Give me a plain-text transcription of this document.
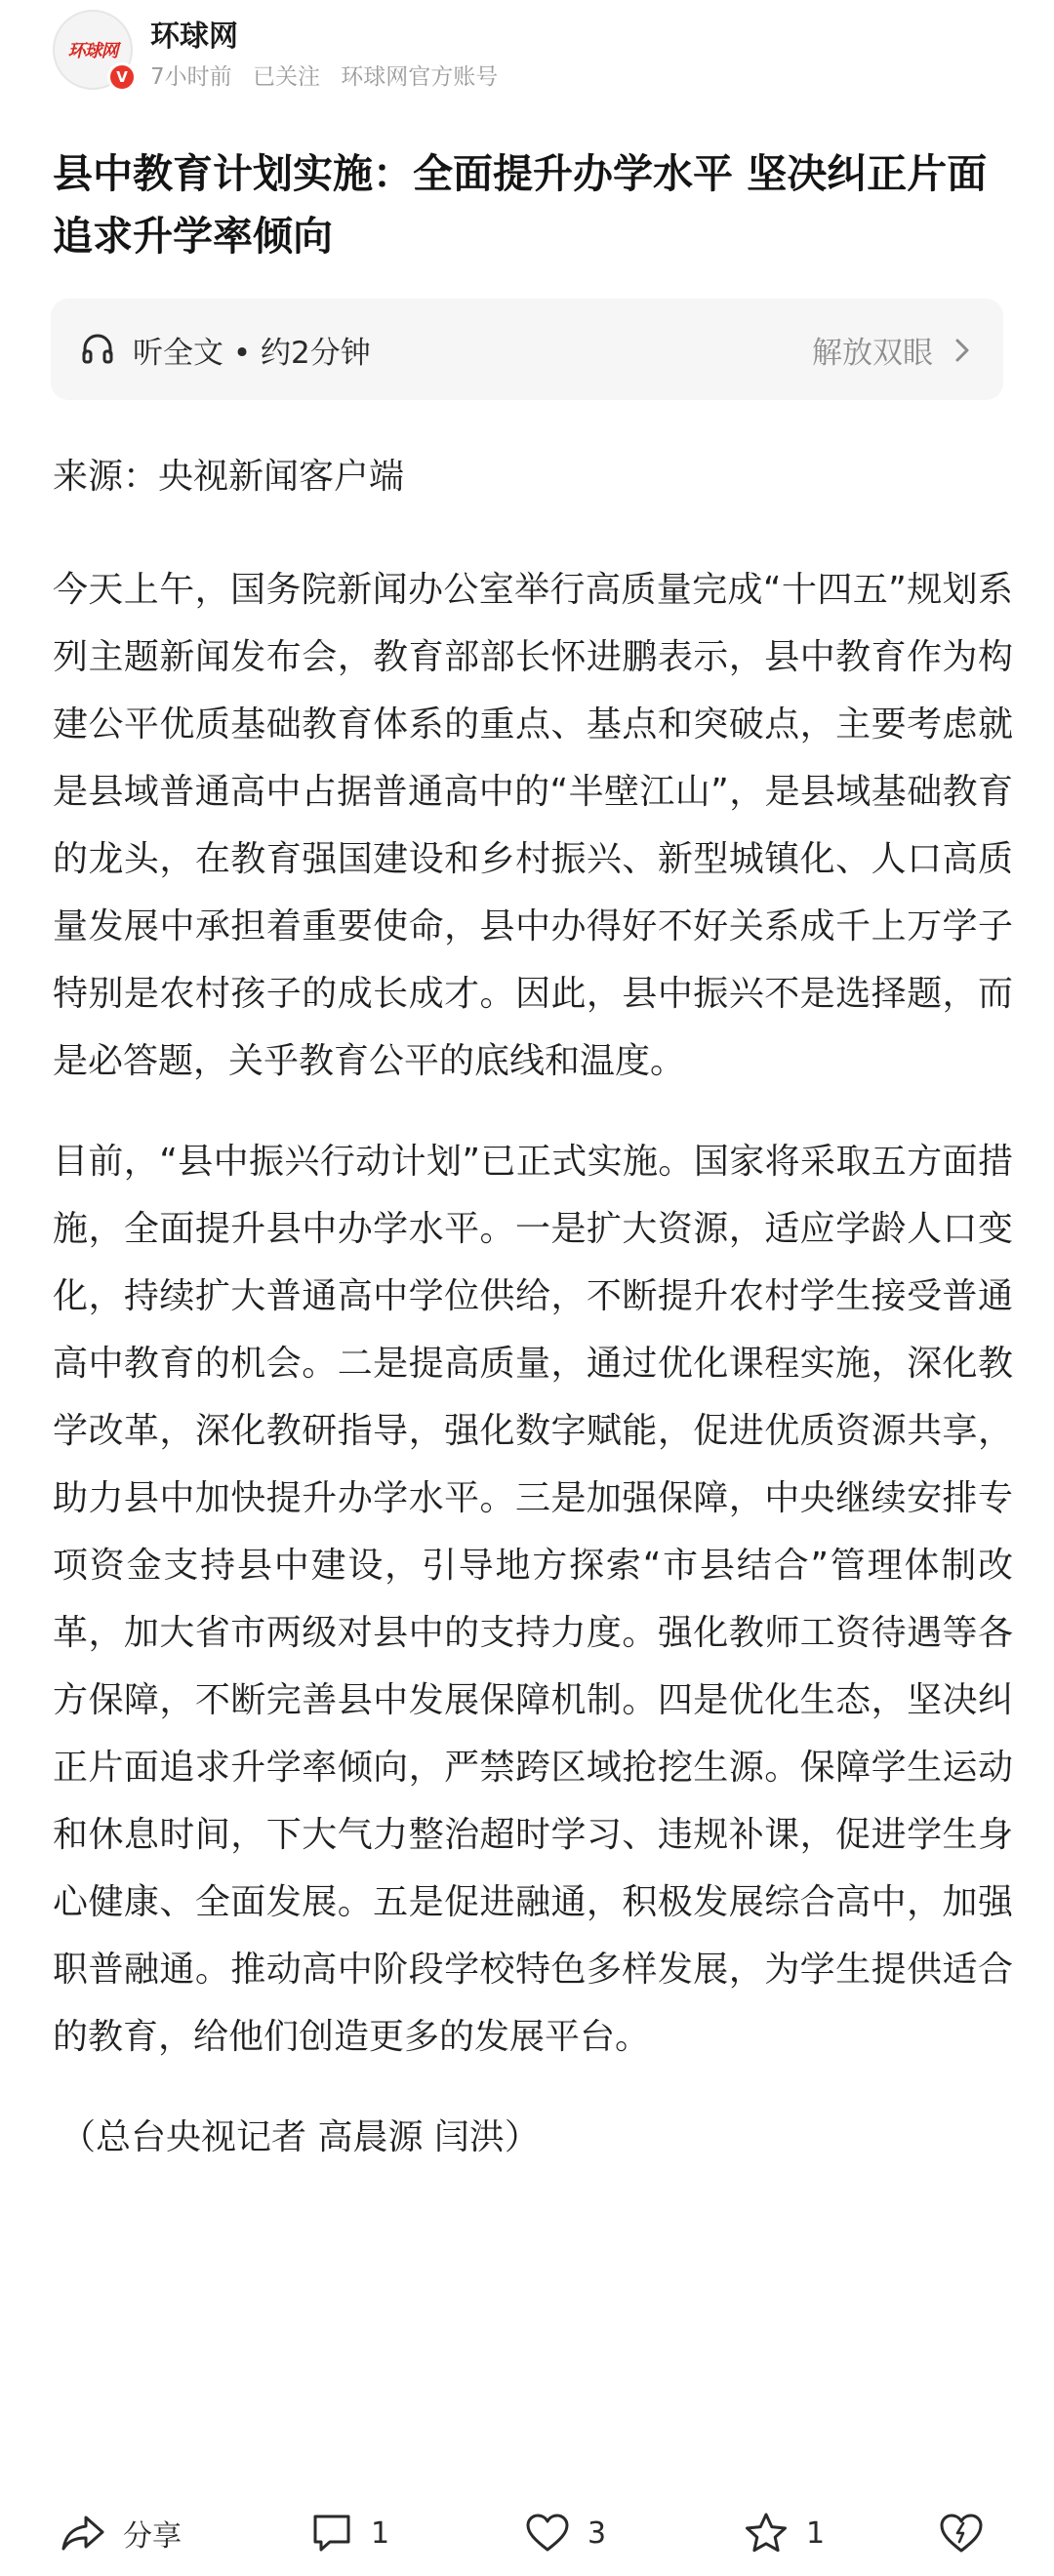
环球网
V
环球网
7小时前 已关注 环球网官方账号
县中教育计划实施：全面提升办学水平 坚决纠正片面追求升学率倾向
听全文 • 约2分钟	解放双眼

来源：央视新闻客户端

今天上午，国务院新闻办公室举行高质量完成“十四五”规划系列主题新闻发布会，教育部部长怀进鹏表示，县中教育作为构建公平优质基础教育体系的重点、基点和突破点，主要考虑就是县域普通高中占据普通高中的“半壁江山”，是县域基础教育的龙头，在教育强国建设和乡村振兴、新型城镇化、人口高质量发展中承担着重要使命，县中办得好不好关系成千上万学子特别是农村孩子的成长成才。因此，县中振兴不是选择题，而是必答题，关乎教育公平的底线和温度。

目前，“县中振兴行动计划”已正式实施。国家将采取五方面措施，全面提升县中办学水平。一是扩大资源，适应学龄人口变化，持续扩大普通高中学位供给，不断提升农村学生接受普通高中教育的机会。二是提高质量，通过优化课程实施，深化教学改革，深化教研指导，强化数字赋能，促进优质资源共享，助力县中加快提升办学水平。三是加强保障，中央继续安排专项资金支持县中建设，引导地方探索“市县结合”管理体制改革，加大省市两级对县中的支持力度。强化教师工资待遇等各方保障，不断完善县中发展保障机制。四是优化生态，坚决纠正片面追求升学率倾向，严禁跨区域抢挖生源。保障学生运动和休息时间，下大气力整治超时学习、违规补课，促进学生身心健康、全面发展。五是促进融通，积极发展综合高中，加强职普融通。推动高中阶段学校特色多样发展，为学生提供适合的教育，给他们创造更多的发展平台。

（总台央视记者 高晨源 闫洪）

分享	1	3	1
